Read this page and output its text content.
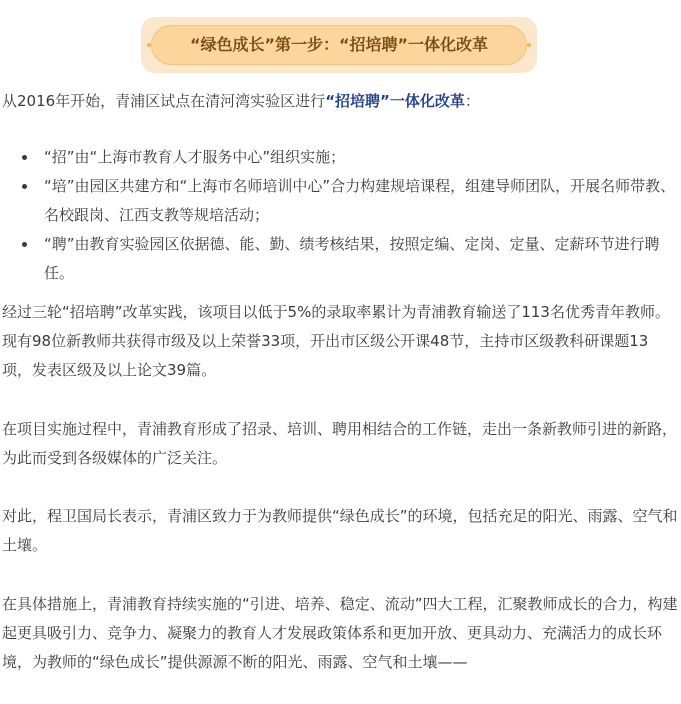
“绿色成长”第一步：“招培聘”一体化改革

从2016年开始，青浦区试点在清河湾实验区进行“招培聘”一体化改革：

“招”由“上海市教育人才服务中心”组织实施；
“培”由园区共建方和“上海市名师培训中心”合力构建规培课程，组建导师团队，开展名师带教、名校跟岗、江西支教等规培活动；
“聘”由教育实验园区依据德、能、勤、绩考核结果，按照定编、定岗、定量、定薪环节进行聘任。

经过三轮“招培聘”改革实践，该项目以低于5%的录取率累计为青浦教育输送了113名优秀青年教师。现有98位新教师共获得市级及以上荣誉33项，开出市区级公开课48节，主持市区级教科研课题13项，发表区级及以上论文39篇。

在项目实施过程中，青浦教育形成了招录、培训、聘用相结合的工作链，走出一条新教师引进的新路，为此而受到各级媒体的广泛关注。

对此，程卫国局长表示，青浦区致力于为教师提供“绿色成长”的环境，包括充足的阳光、雨露、空气和土壤。

在具体措施上，青浦教育持续实施的“引进、培养、稳定、流动”四大工程，汇聚教师成长的合力，构建起更具吸引力、竞争力、凝聚力的教育人才发展政策体系和更加开放、更具动力、充满活力的成长环境，为教师的“绿色成长”提供源源不断的阳光、雨露、空气和土壤——
